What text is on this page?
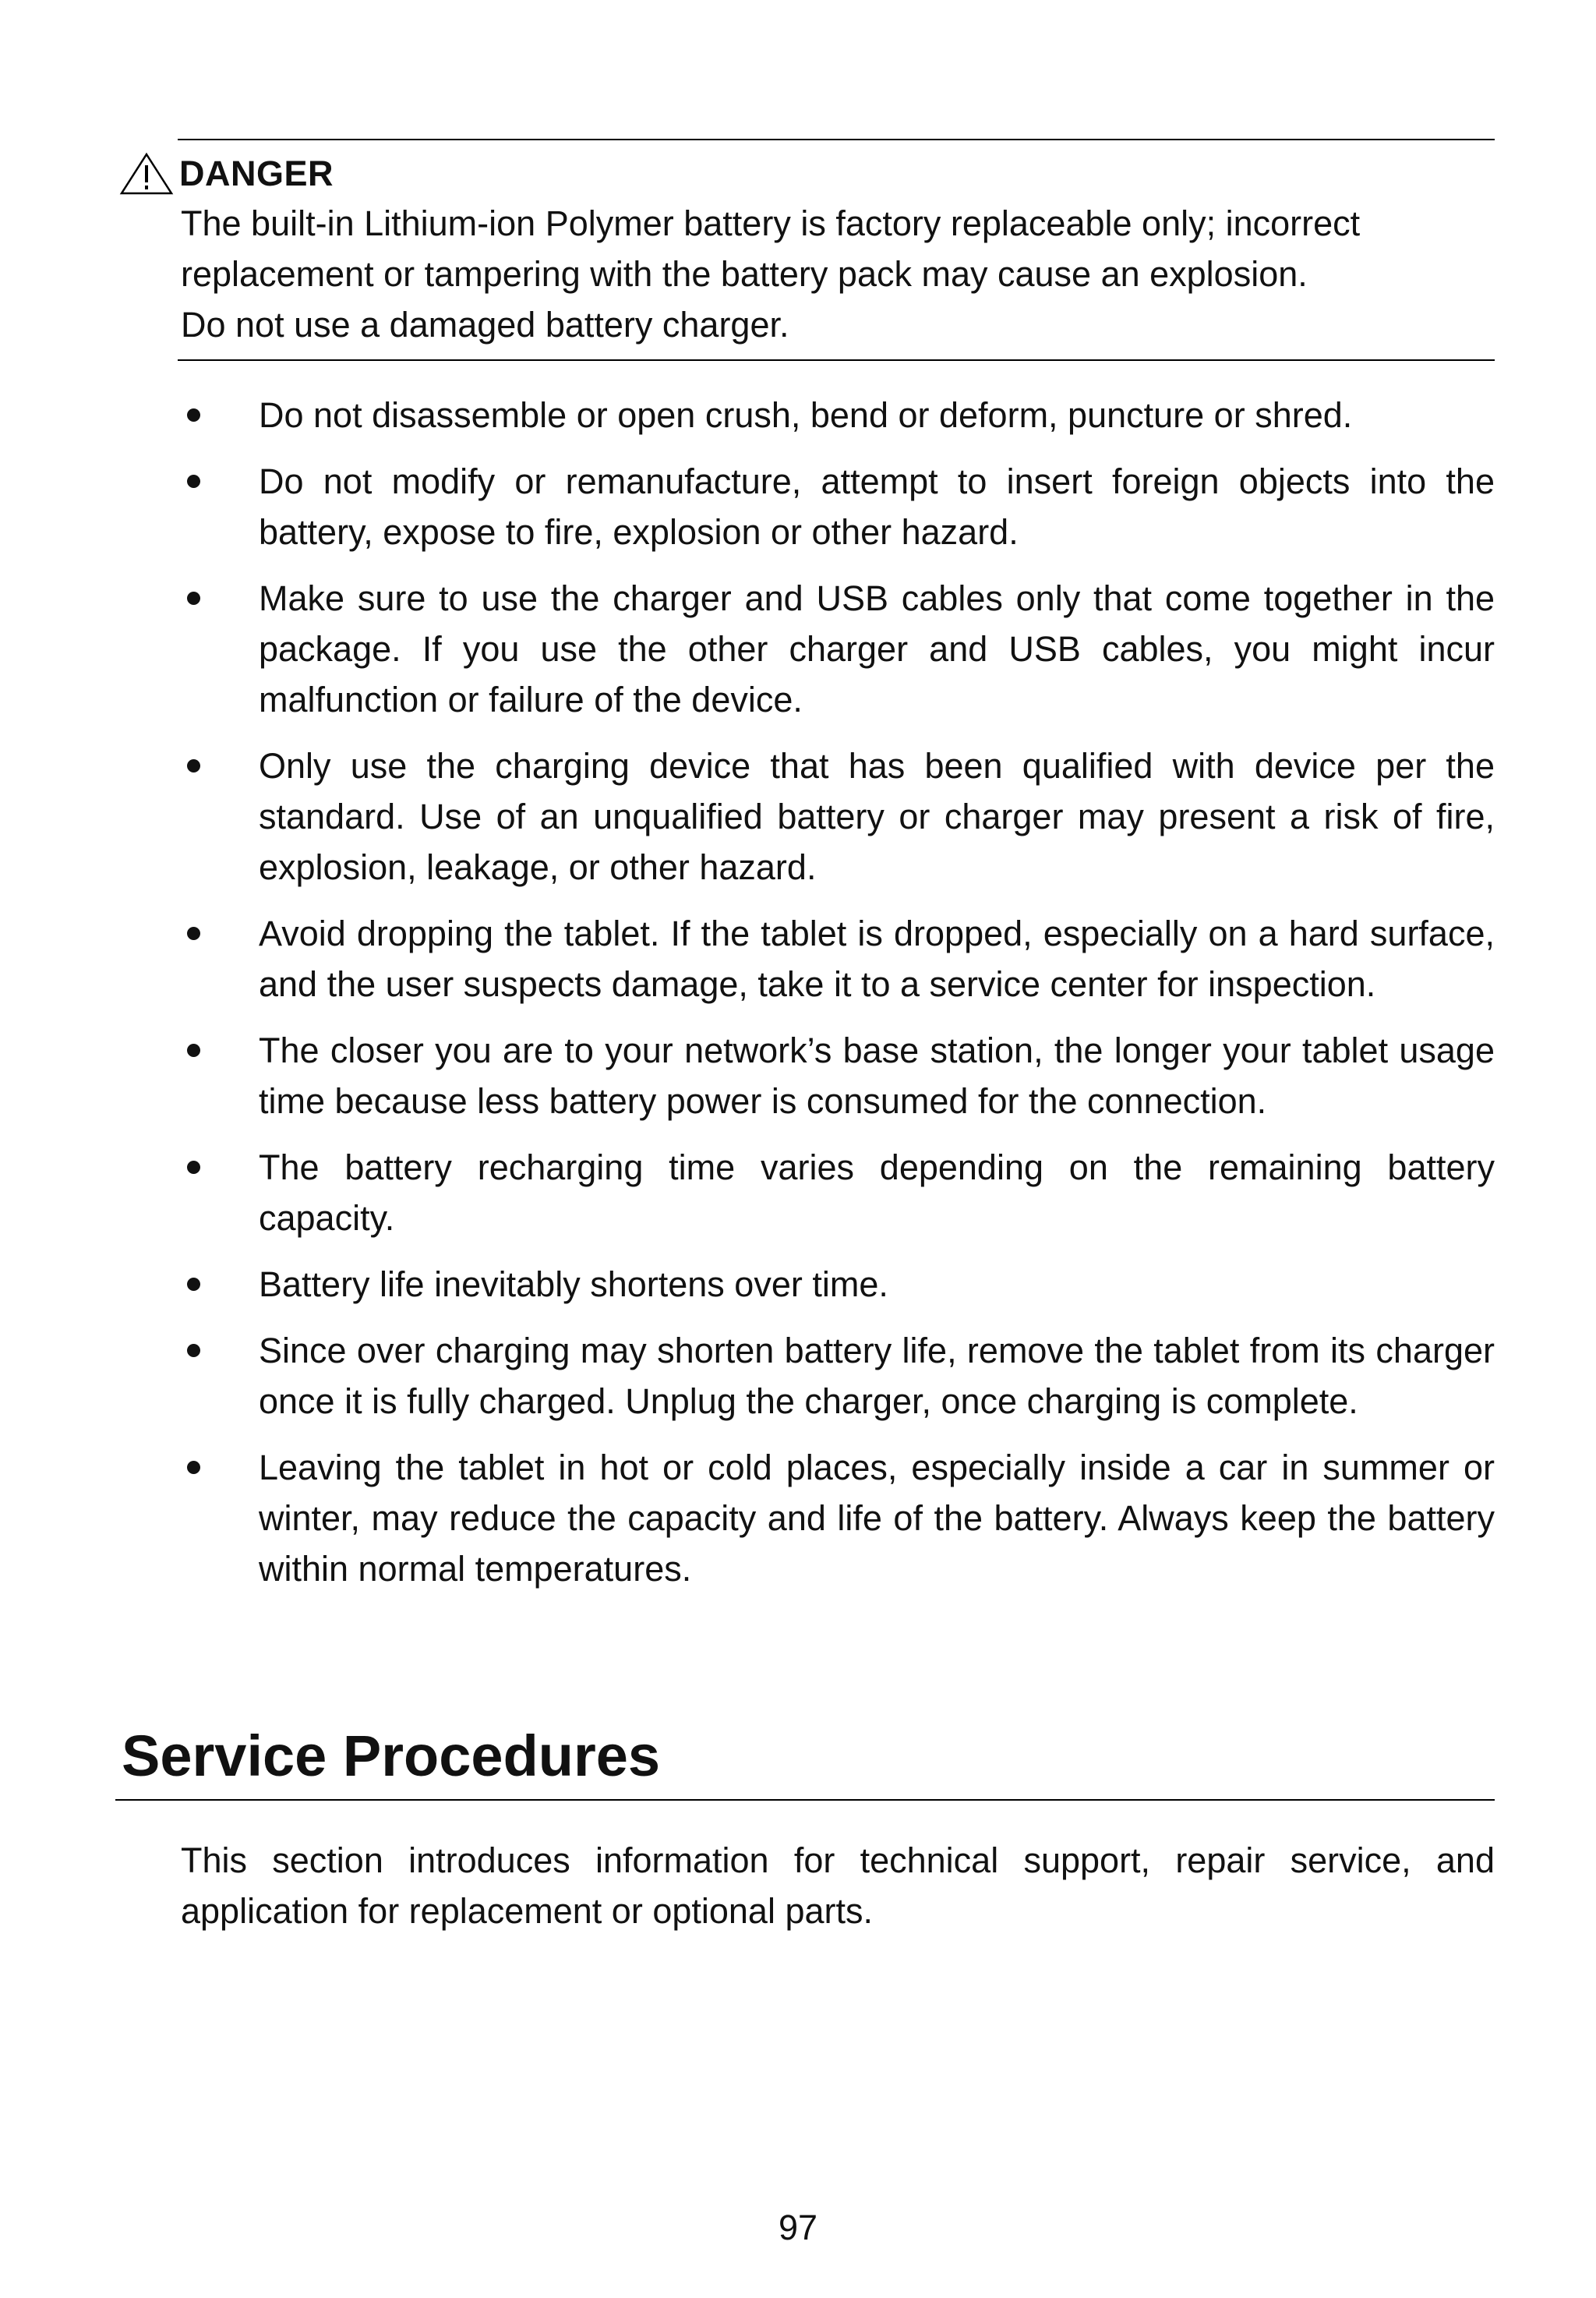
DANGER
The built-in Lithium-ion Polymer battery is factory replaceable only; incorrect
replacement or tampering with the battery pack may cause an explosion.
Do not use a damaged battery charger.
Do not disassemble or open crush, bend or deform, puncture or shred.
Do not modify or remanufacture, attempt to insert foreign objects into the battery, expose to fire, explosion or other hazard.
Make sure to use the charger and USB cables only that come together in the package. If you use the other charger and USB cables, you might incur malfunction or failure of the device.
Only use the charging device that has been qualified with device per the standard. Use of an unqualified battery or charger may present a risk of fire, explosion, leakage, or other hazard.
Avoid dropping the tablet. If the tablet is dropped, especially on a hard surface, and the user suspects damage, take it to a service center for inspection.
The closer you are to your network’s base station, the longer your tablet usage time because less battery power is consumed for the connection.
The battery recharging time varies depending on the remaining battery capacity.
Battery life inevitably shortens over time.
Since over charging may shorten battery life, remove the tablet from its charger once it is fully charged. Unplug the charger, once charging is complete.
Leaving the tablet in hot or cold places, especially inside a car in summer or winter, may reduce the capacity and life of the battery. Always keep the battery within normal temperatures.
Service Procedures
This section introduces information for technical support, repair service, and application for replacement or optional parts.
97
